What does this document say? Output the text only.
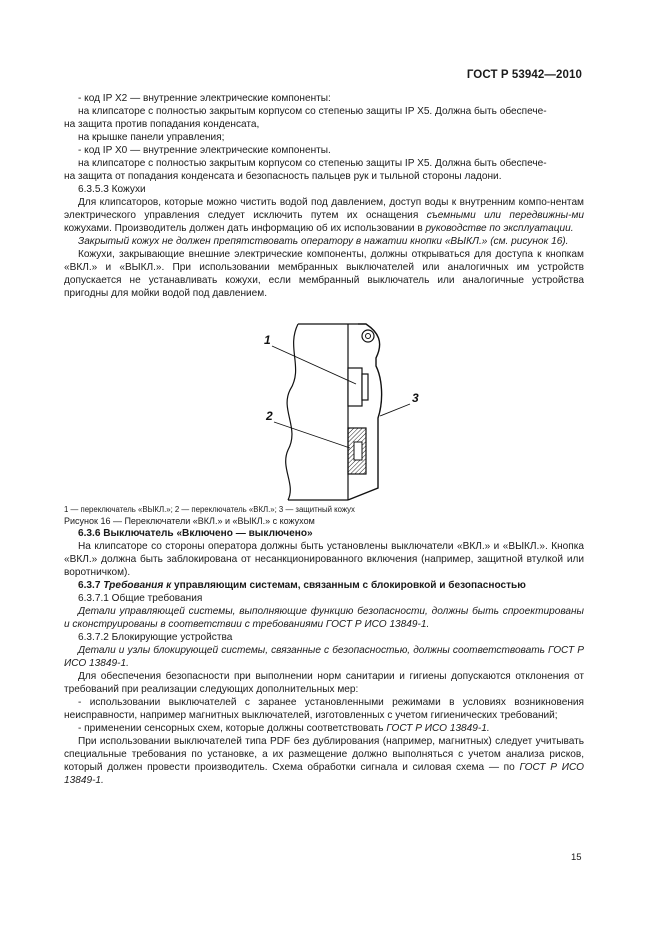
ГОСТ Р 53942—2010

- код IP X2 — внутренние электрические компоненты:

на клипсаторе с полностью закрытым корпусом со степенью защиты IP X5. Должна быть обеспече-

на защита против попадания конденсата,

на крышке панели управления;

- код IP X0 — внутренние электрические компоненты.

на клипсаторе с полностью закрытым корпусом со степенью защиты IP X5. Должна быть обеспече-

на защита от попадания конденсата и безопасность пальцев рук и тыльной стороны ладони.

6.3.5.3 Кожухи

Для клипсаторов, которые можно чистить водой под давлением, доступ воды к внутренним компо-нентам электрического управления следует исключить путем их оснащения съемными или передвижны-ми кожухами. Производитель должен дать информацию об их использовании в руководстве по эксплуатации.

Закрытый кожух не должен препятствовать оператору в нажатии кнопки «ВЫКЛ.» (см. рисунок 16).

Кожухи, закрывающие внешние электрические компоненты, должны открываться для доступа к кнопкам «ВКЛ.» и «ВЫКЛ.». При использовании мембранных выключателей или аналогичных им устройств допускается не устанавливать кожухи, если мембранный выключатель или аналогичные устройства пригодны для мойки водой под давлением.

1
2
3

1 — переключатель «ВЫКЛ.»; 2 — переключатель «ВКЛ.»; 3 — защитный кожух

Рисунок 16 — Переключатели «ВКЛ.» и «ВЫКЛ.» с кожухом

6.3.6 Выключатель «Включено — выключено»

На клипсаторе со стороны оператора должны быть установлены выключатели «ВКЛ.» и «ВЫКЛ.». Кнопка «ВКЛ.» должна быть заблокирована от несанкционированного включения (например, защитной втулкой или воротничком).

6.3.7 Требования к управляющим системам, связанным с блокировкой и безопасностью

6.3.7.1 Общие требования

Детали управляющей системы, выполняющие функцию безопасности, должны быть спроектированы и сконструированы в соответствии с требованиями ГОСТ Р ИСО 13849-1.

6.3.7.2 Блокирующие устройства

Детали и узлы блокирующей системы, связанные с безопасностью, должны соответствовать ГОСТ Р ИСО 13849-1.

Для обеспечения безопасности при выполнении норм санитарии и гигиены допускаются отклонения от требований при реализации следующих дополнительных мер:

- использовании выключателей с заранее установленными режимами в условиях возникновения неисправности, например магнитных выключателей, изготовленных с учетом гигиенических требований;

- применении сенсорных схем, которые должны соответствовать ГОСТ Р ИСО 13849-1.

При использовании выключателей типа PDF без дублирования (например, магнитных) следует учитывать специальные требования по установке, а их размещение должно выполняться с учетом анализа рисков, который должен провести производитель. Схема обработки сигнала и силовая схема — по ГОСТ Р ИСО 13849-1.

15
